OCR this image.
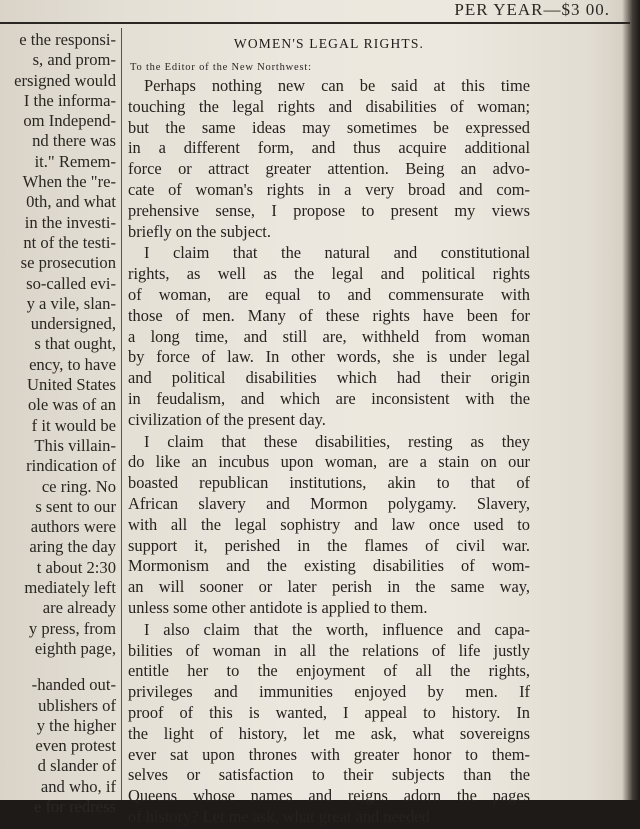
PER YEAR—$3 00.
e the responsi-
s, and prom-
ersigned would
I the informa-
om Independ-
nd there was
it." Remem-
When the "re-
0th, and what
in the investi-
nt of the testi-
se prosecution
so-called evi-
y a vile, slan-
undersigned,
s that ought,
ency, to have
United States
ole was of an
f it would be
This villain-
rindication of
ce ring. No
s sent to our
authors were
aring the day
t about 2:30
mediately left
are already
y press, from
eighth page,
-handed out-
ublishers of
y the higher
even protest
d slander of
and who, if
e for redress
WOMEN'S LEGAL RIGHTS.
To the Editor of the New Northwest:
Perhaps nothing new can be said at this time
touching the legal rights and disabilities of woman;
but the same ideas may sometimes be expressed
in a different form, and thus acquire additional
force or attract greater attention. Being an advo-
cate of woman's rights in a very broad and com-
prehensive sense, I propose to present my views
briefly on the subject.
I claim that the natural and constitutional
rights, as well as the legal and political rights
of woman, are equal to and commensurate with
those of men. Many of these rights have been for
a long time, and still are, withheld from woman
by force of law. In other words, she is under legal
and political disabilities which had their origin
in feudalism, and which are inconsistent with the
civilization of the present day.
I claim that these disabilities, resting as they
do like an incubus upon woman, are a stain on our
boasted republican institutions, akin to that of
African slavery and Mormon polygamy. Slavery,
with all the legal sophistry and law once used to
support it, perished in the flames of civil war.
Mormonism and the existing disabilities of wom-
an will sooner or later perish in the same way,
unless some other antidote is applied to them.
I also claim that the worth, influence and capa-
bilities of woman in all the relations of life justly
entitle her to the enjoyment of all the rights,
privileges and immunities enjoyed by men. If
proof of this is wanted, I appeal to history. In
the light of history, let me ask, what sovereigns
ever sat upon thrones with greater honor to them-
selves or satisfaction to their subjects than the
Queens whose names and reigns adorn the pages
of history? Let me ask, what great and needed
